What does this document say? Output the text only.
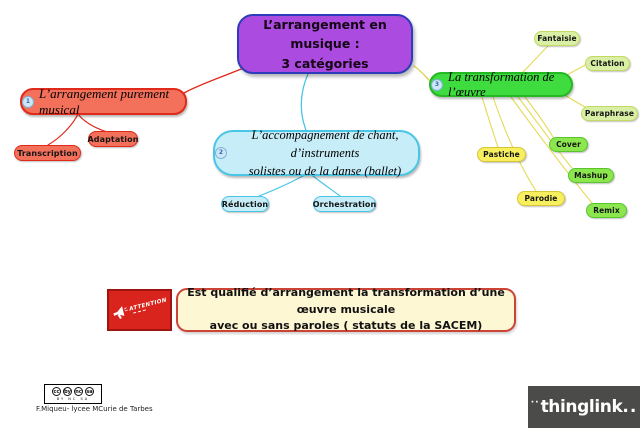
L’arrangement en musique :
3 catégories
1
L’arrangement purement musical
Adaptation
Transcription	2
L’accompagnement de chant, d’instruments
solistes ou de la danse (ballet)
Réduction	Orchestration
3
La transformation de l’œuvre
Fantaisie
Citation
Paraphrase
Cover
Mashup
Remix
Parodie
Pastiche
ATTENTION
Est qualifié d’arrangement la transformation d’une œuvre musicale
avec ou sans paroles ( statuts de la SACEM)
cc by nc sa
BY NC SA
F.Miqueu- lycee MCurie de Tarbes
··thinglink..
